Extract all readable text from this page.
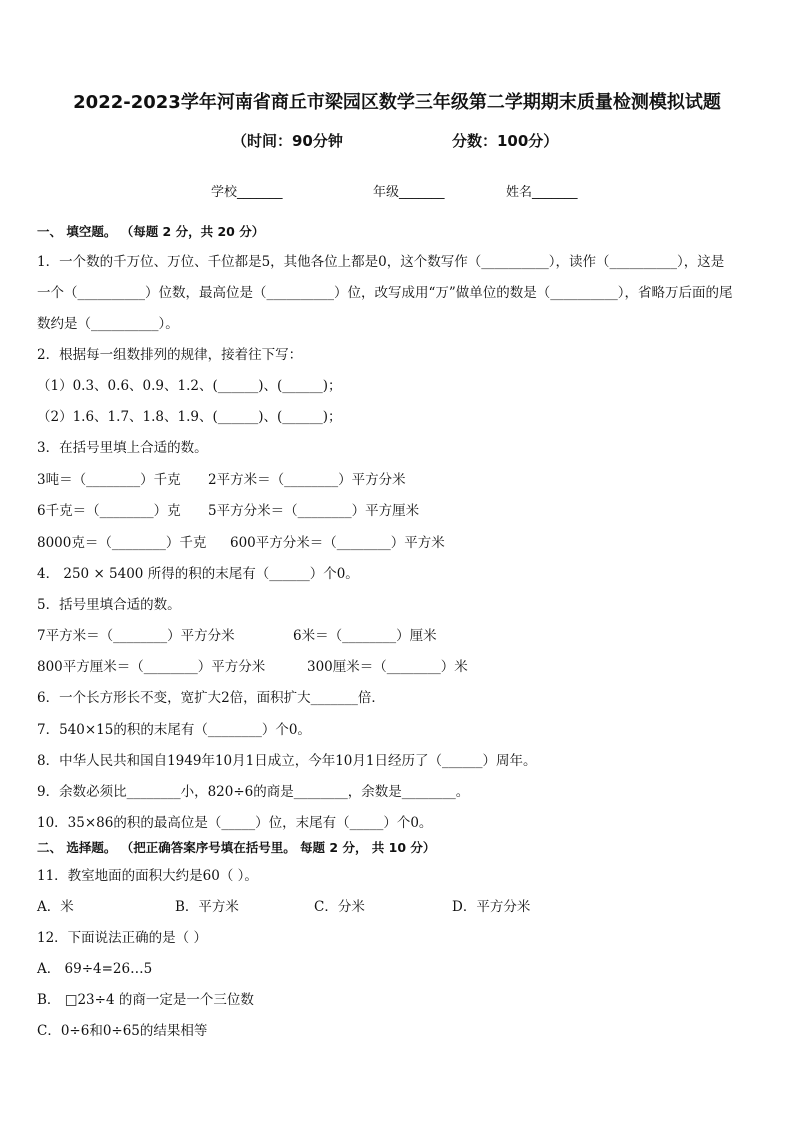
2022-2023学年河南省商丘市梁园区数学三年级第二学期期末质量检测模拟试题
（时间：90分钟	分数：100分）
学校_______	年级_______	姓名_______
一、 填空题。 （每题 2 分，共 20 分）
1．一个数的千万位、万位、千位都是5，其他各位上都是0，这个数写作（__________），读作（__________），这是
一个（__________）位数，最高位是（__________）位，改写成用“万”做单位的数是（__________），省略万后面的尾
数约是（__________）。
2．根据每一组数排列的规律，接着往下写：
（1）0.3、0.6、0.9、1.2、(______)、(______)；
（2）1.6、1.7、1.8、1.9、(______)、(______)；
3．在括号里填上合适的数。
3吨＝（________）千克 2平方米＝（________）平方分米
6千克＝（________）克 5平方分米＝（________）平方厘米
8000克＝（________）千克 600平方分米＝（________）平方米
4． 250 × 5400 所得的积的末尾有（______）个0。
5．括号里填合适的数。
7平方米＝（________）平方分米	6米＝（________）厘米
800平方厘米＝（________）平方分米	300厘米＝（________）米
6．一个长方形长不变，宽扩大2倍，面积扩大_______倍．
7．540×15的积的末尾有（________）个0。
8．中华人民共和国自1949年10月1日成立，今年10月1日经历了（______）周年。
9．余数必须比________小，820÷6的商是________，余数是________。
10．35×86的积的最高位是（_____）位，末尾有（_____）个0。
二、 选择题。 （把正确答案序号填在括号里。 每题 2 分， 共 10 分）
11．教室地面的面积大约是60（ ）。
A．米	B．平方米	C．分米	D．平方分米
12．下面说法正确的是（ ）
A． 69÷4=26…5
B． □23÷4 的商一定是一个三位数
C．0÷6和0÷65的结果相等
